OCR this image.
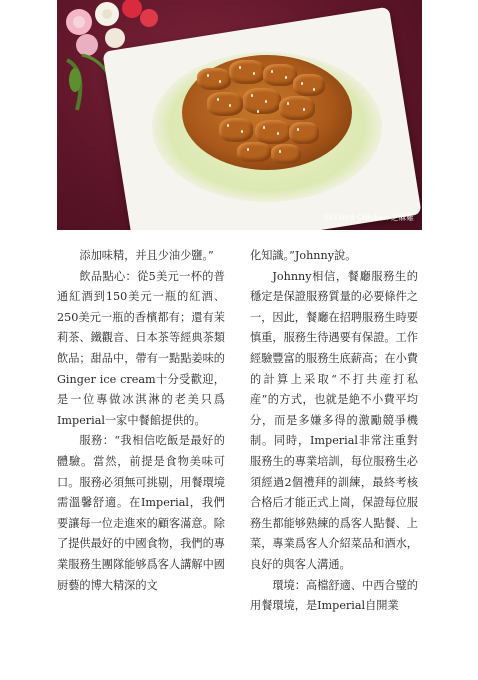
Sesame Chicken 芝麻雞

添加味精，并且少油少鹽。”

飲品點心：從5美元一杯的普通紅酒到150美元一瓶的紅酒、250美元一瓶的香檳都有；還有茉莉茶、鐵觀音、日本茶等經典茶類飲品；甜品中，帶有一點點姜味的Ginger ice cream十分受歡迎，是一位專做冰淇淋的老美只爲Imperial一家中餐館提供的。

服務：“我相信吃飯是最好的體驗。當然，前提是食物美味可口。服務必須無可挑剔，用餐環境需溫馨舒適。在Imperial，我們要讓每一位走進來的顧客滿意。除了提供最好的中國食物，我們的專業服務生團隊能够爲客人講解中國厨藝的博大精深的文

化知識。”Johnny說。

Johnny相信，餐廳服務生的穩定是保證服務質量的必要條件之一，因此，餐廳在招聘服務生時要慎重，服務生待遇要有保證。工作經驗豐富的服務生底薪高；在小費的計算上采取“不打共産打私産”的方式，也就是絶不小費平均分，而是多嫌多得的激勵競爭機制。同時，Imperial非常注重對服務生的專業培訓，每位服務生必須經過2個禮拜的訓練，最終考核合格后才能正式上崗，保證每位服務生都能够熟練的爲客人點餐、上菜，專業爲客人介紹菜品和酒水，良好的與客人溝通。

環境：高檔舒適、中西合璧的用餐環境，是Imperial自開業
